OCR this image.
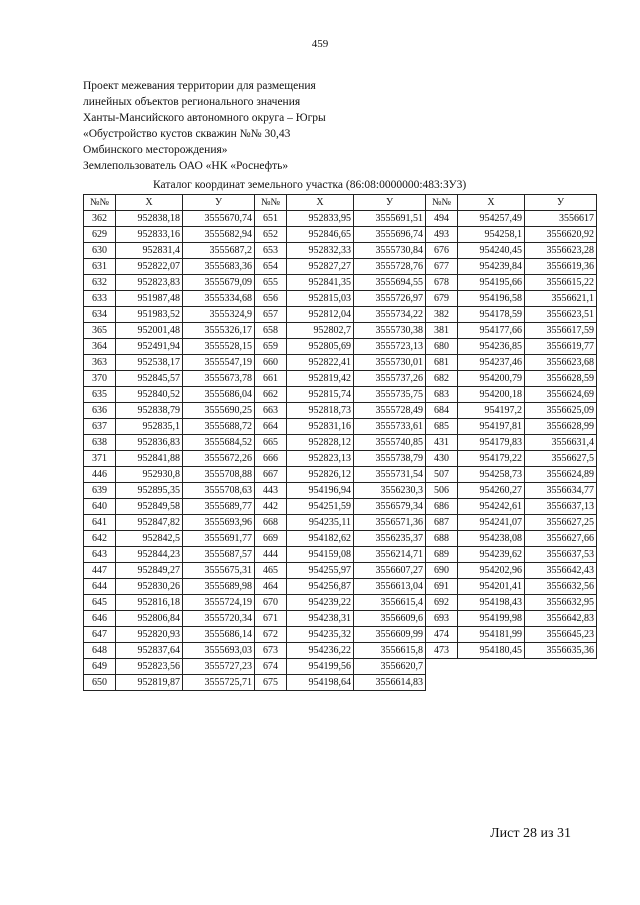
459
Проект межевания территории для размещения
линейных объектов регионального значения
Ханты-Мансийского автономного округа – Югры
«Обустройство кустов скважин №№ 30,43
Омбинского месторождения»
Землепользователь ОАО «НК «Роснефть»
Каталог координат земельного участка (86:08:0000000:483:ЗУ3)
№№	X	У	№№	X	У	№№	X	У
362	952838,18	3555670,74	651	952833,95	3555691,51	494	954257,49	3556617
629	952833,16	3555682,94	652	952846,65	3555696,74	493	954258,1	3556620,92
630	952831,4	3555687,2	653	952832,33	3555730,84	676	954240,45	3556623,28
631	952822,07	3555683,36	654	952827,27	3555728,76	677	954239,84	3556619,36
632	952823,83	3555679,09	655	952841,35	3555694,55	678	954195,66	3556615,22
633	951987,48	3555334,68	656	952815,03	3555726,97	679	954196,58	3556621,1
634	951983,52	3555324,9	657	952812,04	3555734,22	382	954178,59	3556623,51
365	952001,48	3555326,17	658	952802,7	3555730,38	381	954177,66	3556617,59
364	952491,94	3555528,15	659	952805,69	3555723,13	680	954236,85	3556619,77
363	952538,17	3555547,19	660	952822,41	3555730,01	681	954237,46	3556623,68
370	952845,57	3555673,78	661	952819,42	3555737,26	682	954200,79	3556628,59
635	952840,52	3555686,04	662	952815,74	3555735,75	683	954200,18	3556624,69
636	952838,79	3555690,25	663	952818,73	3555728,49	684	954197,2	3556625,09
637	952835,1	3555688,72	664	952831,16	3555733,61	685	954197,81	3556628,99
638	952836,83	3555684,52	665	952828,12	3555740,85	431	954179,83	3556631,4
371	952841,88	3555672,26	666	952823,13	3555738,79	430	954179,22	3556627,5
446	952930,8	3555708,88	667	952826,12	3555731,54	507	954258,73	3556624,89
639	952895,35	3555708,63	443	954196,94	3556230,3	506	954260,27	3556634,77
640	952849,58	3555689,77	442	954251,59	3556579,34	686	954242,61	3556637,13
641	952847,82	3555693,96	668	954235,11	3556571,36	687	954241,07	3556627,25
642	952842,5	3555691,77	669	954182,62	3556235,37	688	954238,08	3556627,66
643	952844,23	3555687,57	444	954159,08	3556214,71	689	954239,62	3556637,53
447	952849,27	3555675,31	465	954255,97	3556607,27	690	954202,96	3556642,43
644	952830,26	3555689,98	464	954256,87	3556613,04	691	954201,41	3556632,56
645	952816,18	3555724,19	670	954239,22	3556615,4	692	954198,43	3556632,95
646	952806,84	3555720,34	671	954238,31	3556609,6	693	954199,98	3556642,83
647	952820,93	3555686,14	672	954235,32	3556609,99	474	954181,99	3556645,23
648	952837,64	3555693,03	673	954236,22	3556615,8	473	954180,45	3556635,36
649	952823,56	3555727,23	674	954199,56	3556620,7			
650	952819,87	3555725,71	675	954198,64	3556614,83			
Лист 28 из 31
